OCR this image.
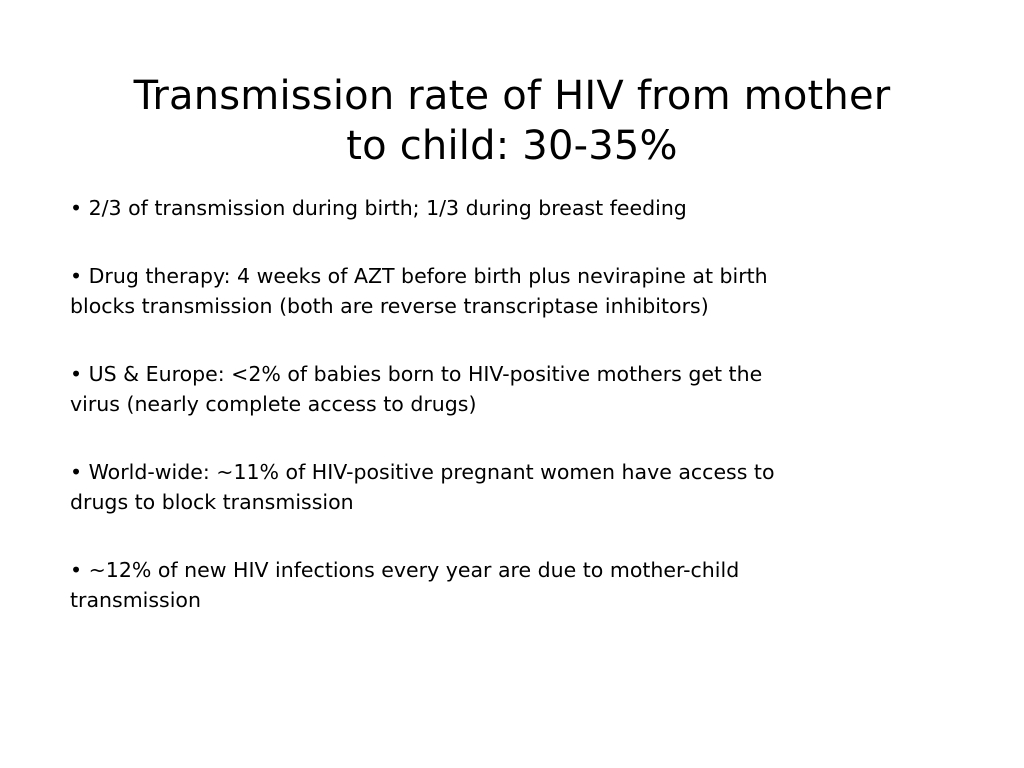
Transmission rate of HIV from mother
to child: 30-35%
• 2/3 of transmission during birth; 1/3 during breast feeding
• Drug therapy: 4 weeks of AZT before birth plus nevirapine at birth
blocks transmission (both are reverse transcriptase inhibitors)
• US & Europe: <2% of babies born to HIV-positive mothers get the
virus (nearly complete access to drugs)
• World-wide: ~11% of HIV-positive pregnant women have access to
drugs to block transmission
• ~12% of new HIV infections every year are due to mother-child
transmission
